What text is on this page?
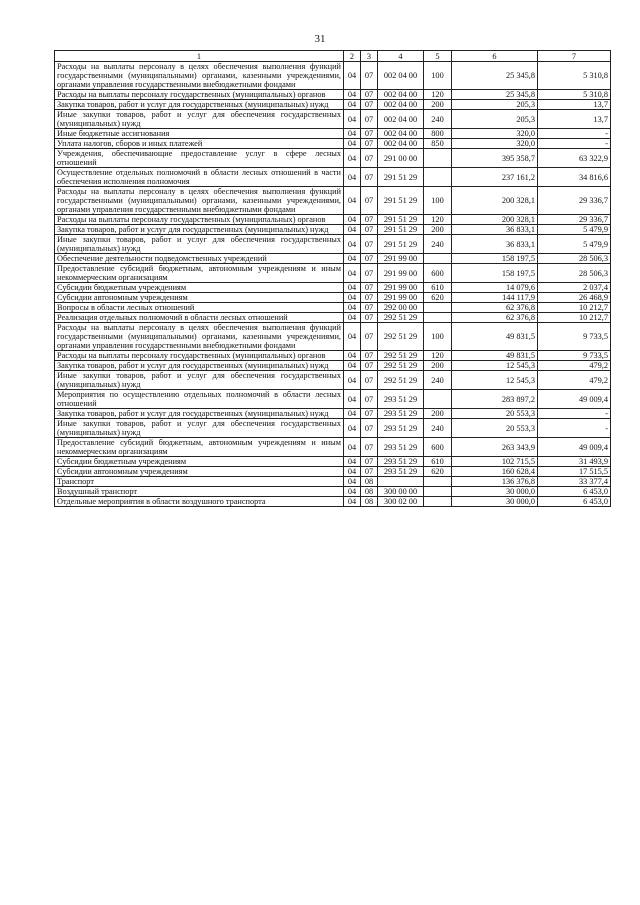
31
1	2	3	4	5	6	7
Расходы на выплаты персоналу в целях обеспечения выполнения функций государственными (муниципальными) органами, казенными учреждениями, органами управления государственными внебюджетными фондами	04	07	002 04 00	100	25 345,8	5 310,8
Расходы на выплаты персоналу государственных (муниципальных) органов	04	07	002 04 00	120	25 345,8	5 310,8
Закупка товаров, работ и услуг для государственных (муниципальных) нужд	04	07	002 04 00	200	205,3	13,7
Иные закупки товаров, работ и услуг для обеспечения государственных (муниципальных) нужд	04	07	002 04 00	240	205,3	13,7
Иные бюджетные ассигнования	04	07	002 04 00	800	320,0	-
Уплата налогов, сборов и иных платежей	04	07	002 04 00	850	320,0	-
Учреждения, обеспечивающие предоставление услуг в сфере лесных отношений	04	07	291 00 00		395 358,7	63 322,9
Осуществление отдельных полномочий в области лесных отношений в части обеспечения исполнения полномочия	04	07	291 51 29		237 161,2	34 816,6
Расходы на выплаты персоналу в целях обеспечения выполнения функций государственными (муниципальными) органами, казенными учреждениями, органами управления государственными внебюджетными фондами	04	07	291 51 29	100	200 328,1	29 336,7
Расходы на выплаты персоналу государственных (муниципальных) органов	04	07	291 51 29	120	200 328,1	29 336,7
Закупка товаров, работ и услуг для государственных (муниципальных) нужд	04	07	291 51 29	200	36 833,1	5 479,9
Иные закупки товаров, работ и услуг для обеспечения государственных (муниципальных) нужд	04	07	291 51 29	240	36 833,1	5 479,9
Обеспечение деятельности подведомственных учреждений	04	07	291 99 00		158 197,5	28 506,3
Предоставление субсидий бюджетным, автономным учреждениям и иным некоммерческим организациям	04	07	291 99 00	600	158 197,5	28 506,3
Субсидии бюджетным учреждениям	04	07	291 99 00	610	14 079,6	2 037,4
Субсидии автономным учреждениям	04	07	291 99 00	620	144 117,9	26 468,9
Вопросы в области лесных отношений	04	07	292 00 00		62 376,8	10 212,7
Реализация отдельных полномочий в области лесных отношений	04	07	292 51 29		62 376,8	10 212,7
Расходы на выплаты персоналу в целях обеспечения выполнения функций государственными (муниципальными) органами, казенными учреждениями, органами управления государственными внебюджетными фондами	04	07	292 51 29	100	49 831,5	9 733,5
Расходы на выплаты персоналу государственных (муниципальных) органов	04	07	292 51 29	120	49 831,5	9 733,5
Закупка товаров, работ и услуг для государственных (муниципальных) нужд	04	07	292 51 29	200	12 545,3	479,2
Иные закупки товаров, работ и услуг для обеспечения государственных (муниципальных) нужд	04	07	292 51 29	240	12 545,3	479,2
Мероприятия по осуществлению отдельных полномочий в области лесных отношений	04	07	293 51 29		283 897,2	49 009,4
Закупка товаров, работ и услуг для государственных (муниципальных) нужд	04	07	293 51 29	200	20 553,3	-
Иные закупки товаров, работ и услуг для обеспечения государственных (муниципальных) нужд	04	07	293 51 29	240	20 553,3	-
Предоставление субсидий бюджетным, автономным учреждениям и иным некоммерческим организациям	04	07	293 51 29	600	263 343,9	49 009,4
Субсидии бюджетным учреждениям	04	07	293 51 29	610	102 715,5	31 493,9
Субсидии автономным учреждениям	04	07	293 51 29	620	160 628,4	17 515,5
Транспорт	04	08			136 376,8	33 377,4
Воздушный транспорт	04	08	300 00 00		30 000,0	6 453,0
Отдельные мероприятия в области воздушного транспорта	04	08	300 02 00		30 000,0	6 453,0
